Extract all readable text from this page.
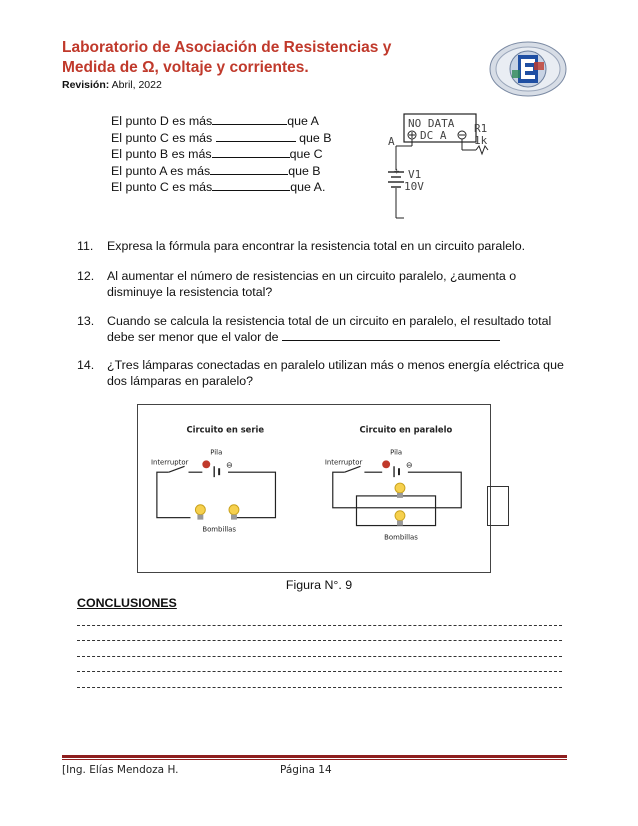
Laboratorio de Asociación de Resistencias y
Medida de Ω, voltaje y corrientes.
Revisión: Abril, 2022
El punto D es más	que A
El punto C es más	que B
El punto B es más	que C
El punto A es más	que B
El punto C es más	que A.
NO DATA
DC A
A
R1
1k
+ V1
10V
11.	Expresa la fórmula para encontrar la resistencia total en un circuito paralelo.
12.	Al aumentar el número de resistencias en un circuito paralelo, ¿aumenta o disminuye la resistencia total?
13.	Cuando se calcula la resistencia total de un circuito en paralelo, el resultado total debe ser menor que el valor de
14.	¿Tres lámparas conectadas en paralelo utilizan más o menos energía eléctrica que dos lámparas en paralelo?
Circuito en serie	Circuito en paralelo
Pila
Interruptor	⊖
Bombillas
Pila
Interruptor	⊖
Bombillas
Figura N°. 9
CONCLUSIONES
[Ing. Elías Mendoza H.	Página 14
